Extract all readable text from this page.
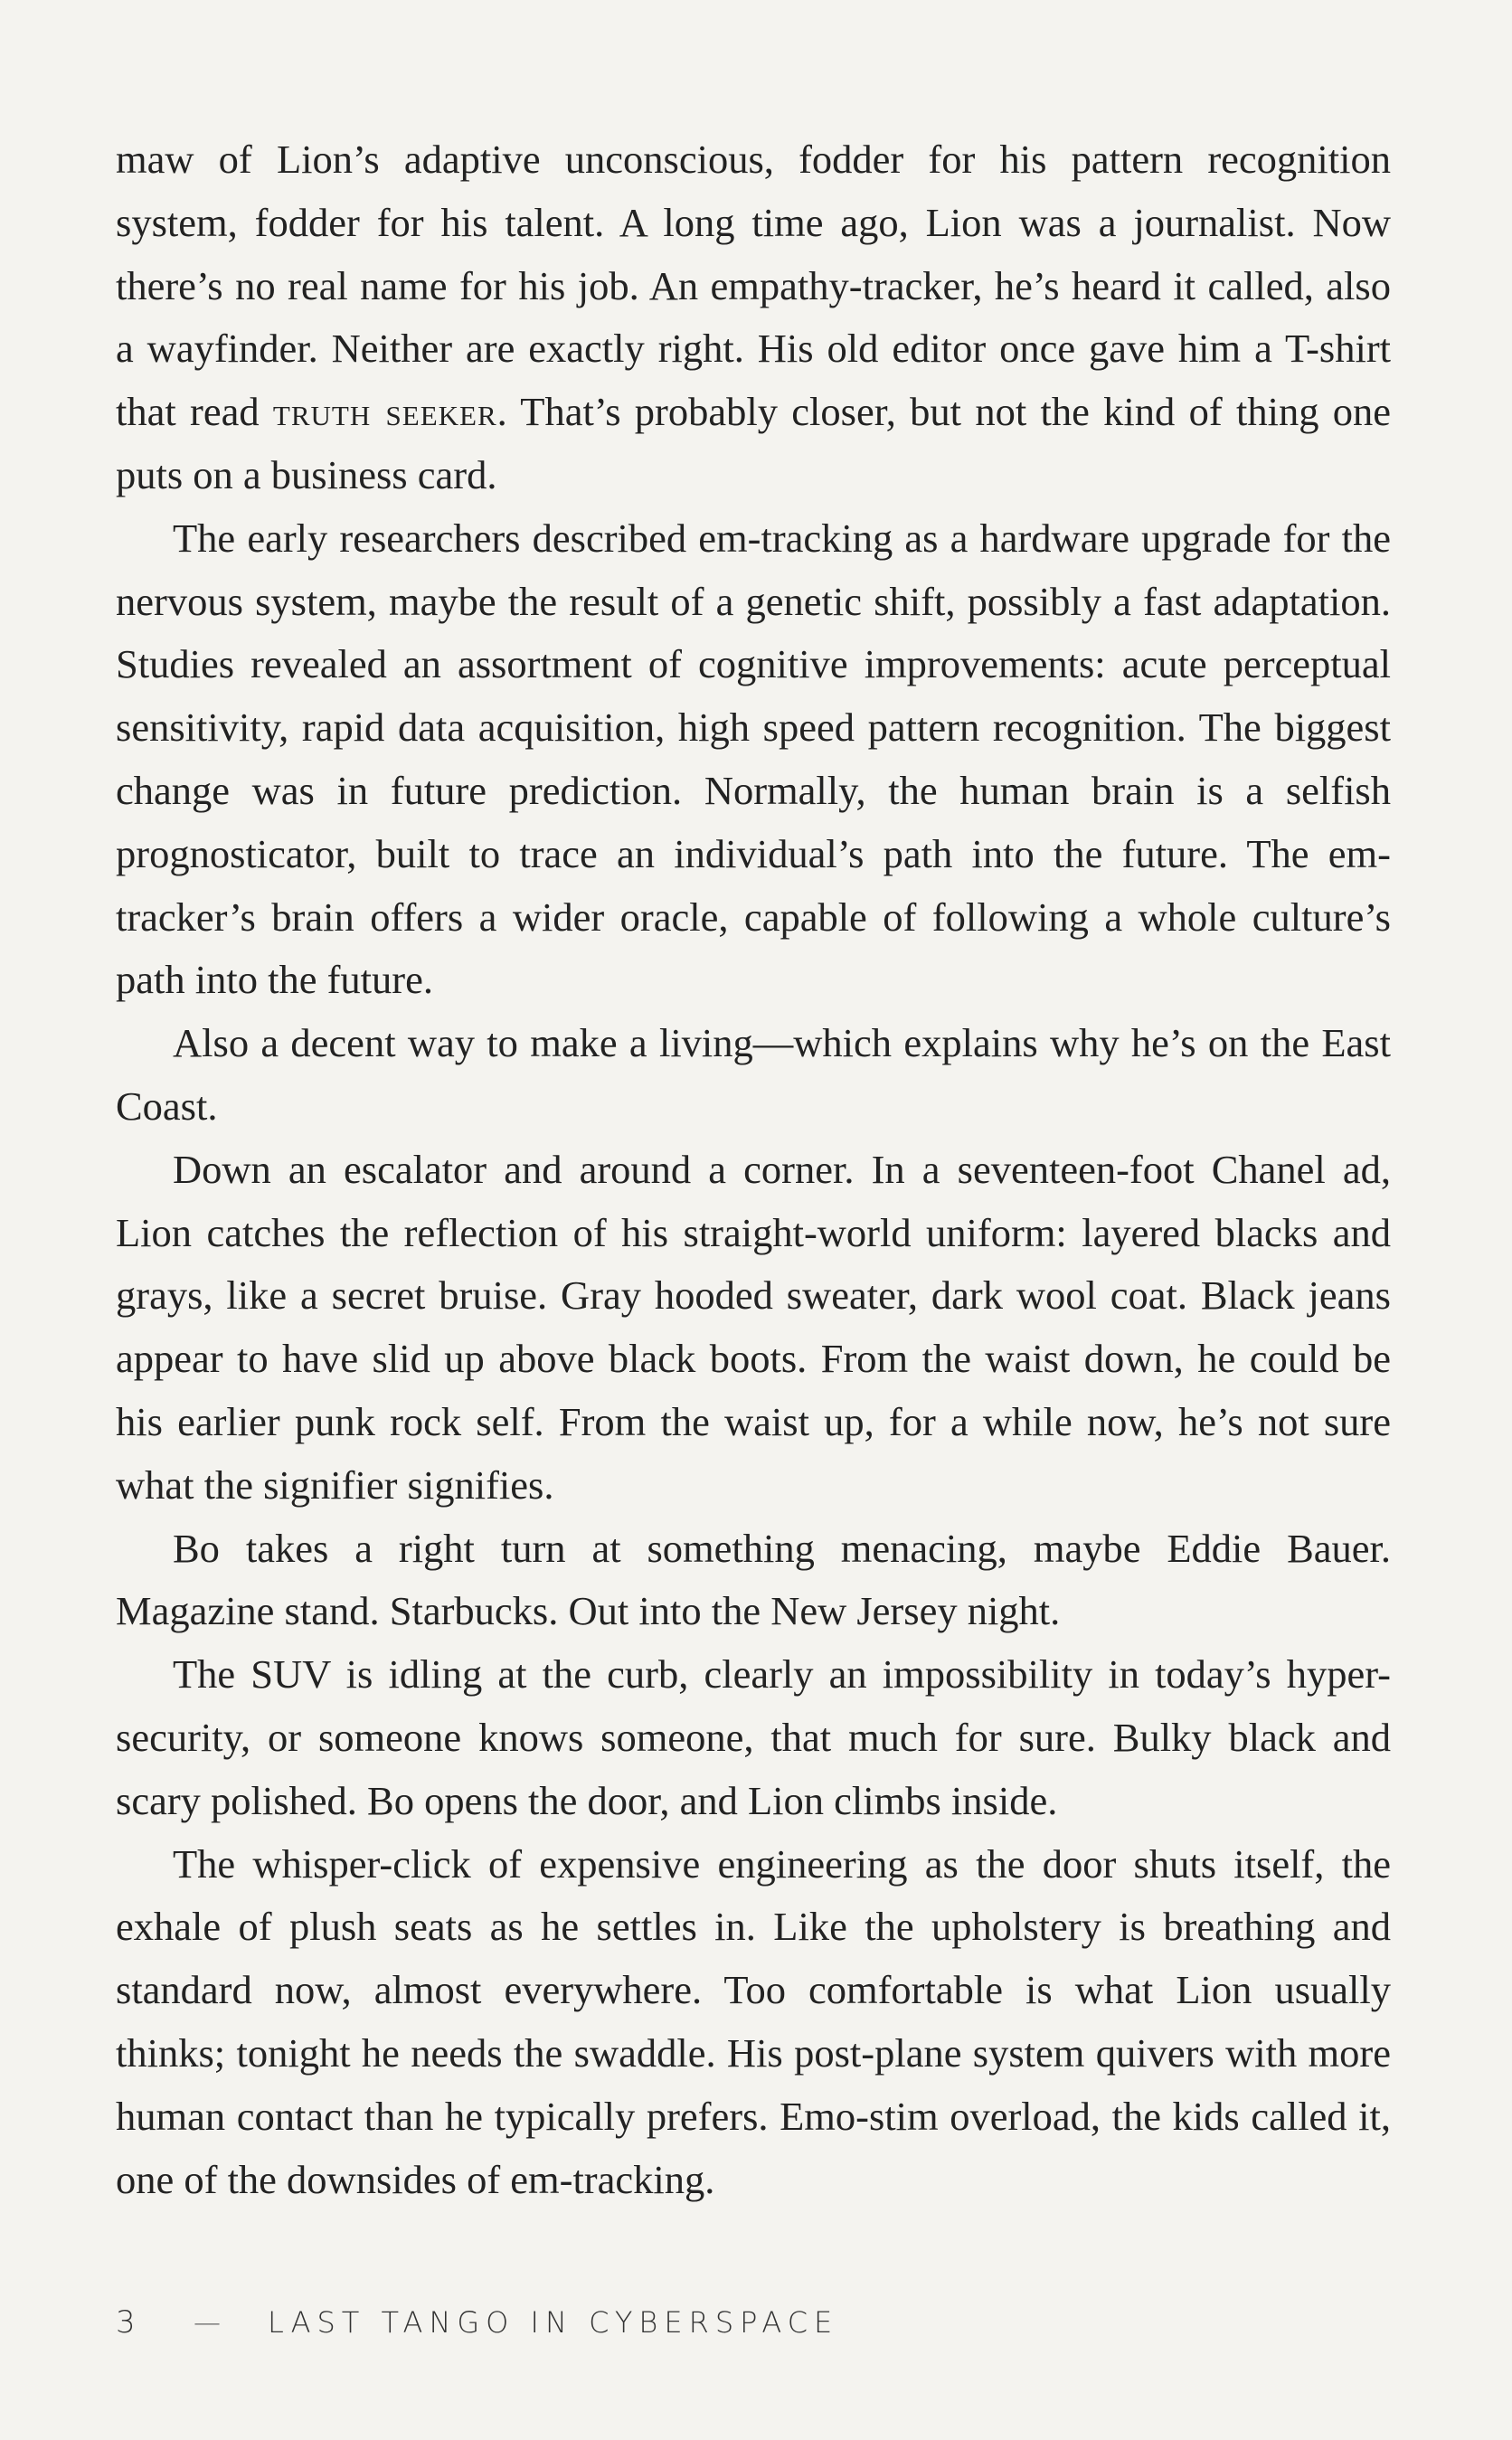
maw of Lion’s adaptive unconscious, fodder for his pattern recognition system, fodder for his talent. A long time ago, Lion was a journalist. Now there’s no real name for his job. An empathy-tracker, he’s heard it called, also a wayfinder. Neither are exactly right. His old editor once gave him a T-shirt that read truth seeker. That’s probably closer, but not the kind of thing one puts on a business card.

The early researchers described em-tracking as a hardware upgrade for the nervous system, maybe the result of a genetic shift, possibly a fast adaptation. Studies revealed an assortment of cognitive improvements: acute perceptual sensitivity, rapid data acquisition, high speed pattern recognition. The biggest change was in future prediction. Normally, the human brain is a selfish prognosticator, built to trace an individual’s path into the future. The em-tracker’s brain offers a wider oracle, capable of following a whole culture’s path into the future.

Also a decent way to make a living—which explains why he’s on the East Coast.

Down an escalator and around a corner. In a seventeen-foot Chanel ad, Lion catches the reflection of his straight-world uniform: layered blacks and grays, like a secret bruise. Gray hooded sweater, dark wool coat. Black jeans appear to have slid up above black boots. From the waist down, he could be his earlier punk rock self. From the waist up, for a while now, he’s not sure what the signifier signifies.

Bo takes a right turn at something menacing, maybe Eddie Bauer. Magazine stand. Starbucks. Out into the New Jersey night.

The SUV is idling at the curb, clearly an impossibility in today’s hyper-security, or someone knows someone, that much for sure. Bulky black and scary polished. Bo opens the door, and Lion climbs inside.

The whisper-click of expensive engineering as the door shuts itself, the exhale of plush seats as he settles in. Like the upholstery is breathing and standard now, almost everywhere. Too comfortable is what Lion usually thinks; tonight he needs the swaddle. His post-plane system quivers with more human contact than he typically prefers. Emo-stim overload, the kids called it, one of the downsides of em-tracking.

3	—	LAST TANGO IN CYBERSPACE
